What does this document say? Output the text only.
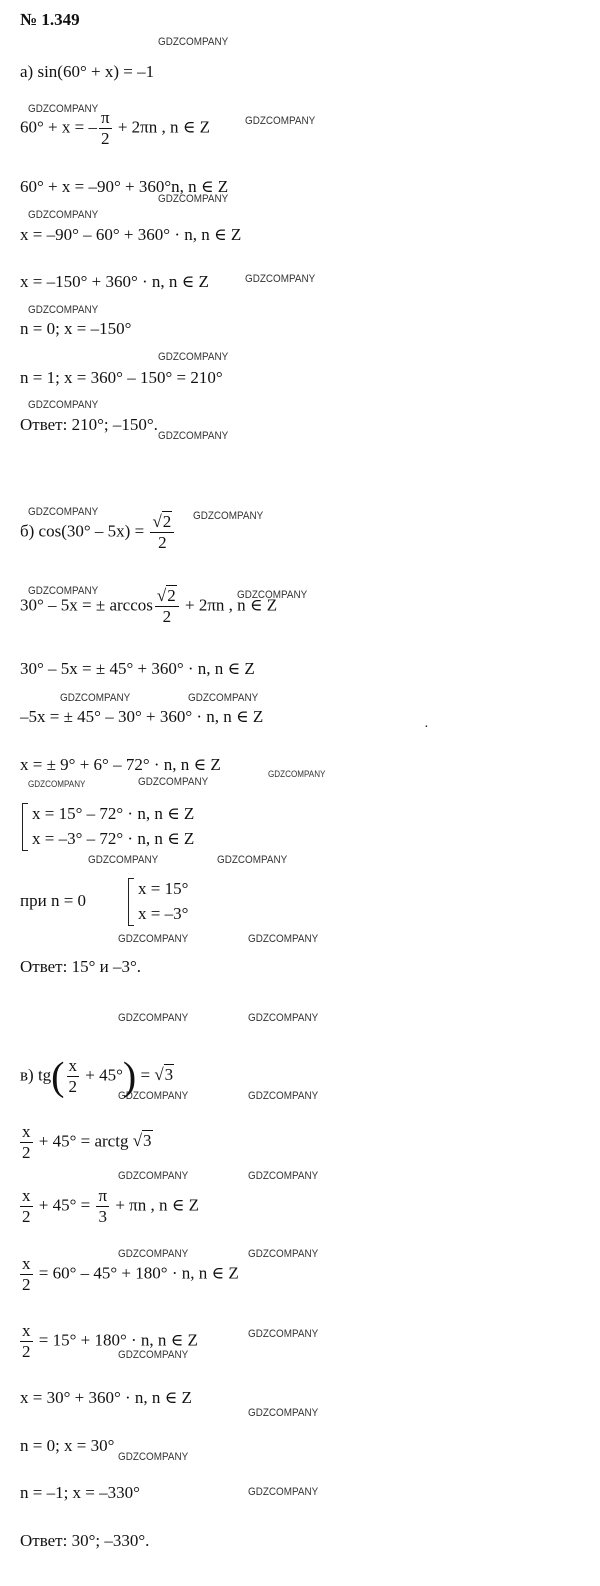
№ 1.349
GDZCOMPANY
GDZCOMPANY
GDZCOMPANY
GDZCOMPANY
GDZCOMPANY
GDZCOMPANY
GDZCOMPANY
GDZCOMPANY
GDZCOMPANY
GDZCOMPANY
GDZCOMPANY	GDZCOMPANY
GDZCOMPANY	GDZCOMPANY
GDZCOMPANY	GDZCOMPANY
GDZCOMPANY	GDZCOMPANY
GDZCOMPANY
GDZCOMPANY	GDZCOMPANY
GDZCOMPANY	GDZCOMPANY
GDZCOMPANY	GDZCOMPANY
GDZCOMPANY	GDZCOMPANY
GDZCOMPANY	GDZCOMPANY
GDZCOMPANY	GDZCOMPANY
GDZCOMPANY
GDZCOMPANY
GDZCOMPANY
GDZCOMPANY
GDZCOMPANY
а) sin(60° + x) = –1
60° + x = – $\frac{\pi}{2} + 2\pi n$ , n ∈ Z
60° + x = –90° + 360°n, n ∈ Z
x = –90° – 60° + 360° · n, n ∈ Z
x = –150° + 360° · n, n ∈ Z
n = 0; x = –150°
n = 1; x = 360° – 150° = 210°
Ответ: 210°; –150°.
б) $\cos(30^\circ - 5x) = \frac{√2}{2}$
30° – 5x = ± $\arccos \frac{√2}{2} + 2\pi n$ , n ∈ Z
30° – 5x = ± 45° + 360° · n, n ∈ Z
–5x = ± 45° – 30° + 360° · n, n ∈ Z
·
x = ± 9° + 6° – 72° · n, n ∈ Z
x = 15° – 72° · n, n ∈ Z
x = –3° – 72° · n, n ∈ Z
при n = 0
x = 15°
x = –3°
Ответ: 15° и –3°.
в) $tg( \frac{x}{2} + 45^\circ) = √3$
$\frac{x}{2} + 45^\circ$ = arctg √3
$\frac{x}{2} + 45^\circ = \frac{\pi}{3} + \pi n$ , n ∈ Z
$\frac{x}{2} = 60^\circ - 45^\circ + 180^\circ \cdot n$, n ∈ Z
$\frac{x}{2} = 15^\circ + 180^\circ \cdot n$, n ∈ Z
x = 30° + 360° · n, n ∈ Z
n = 0; x = 30°
n = –1; x = –330°
Ответ: 30°; –330°.
